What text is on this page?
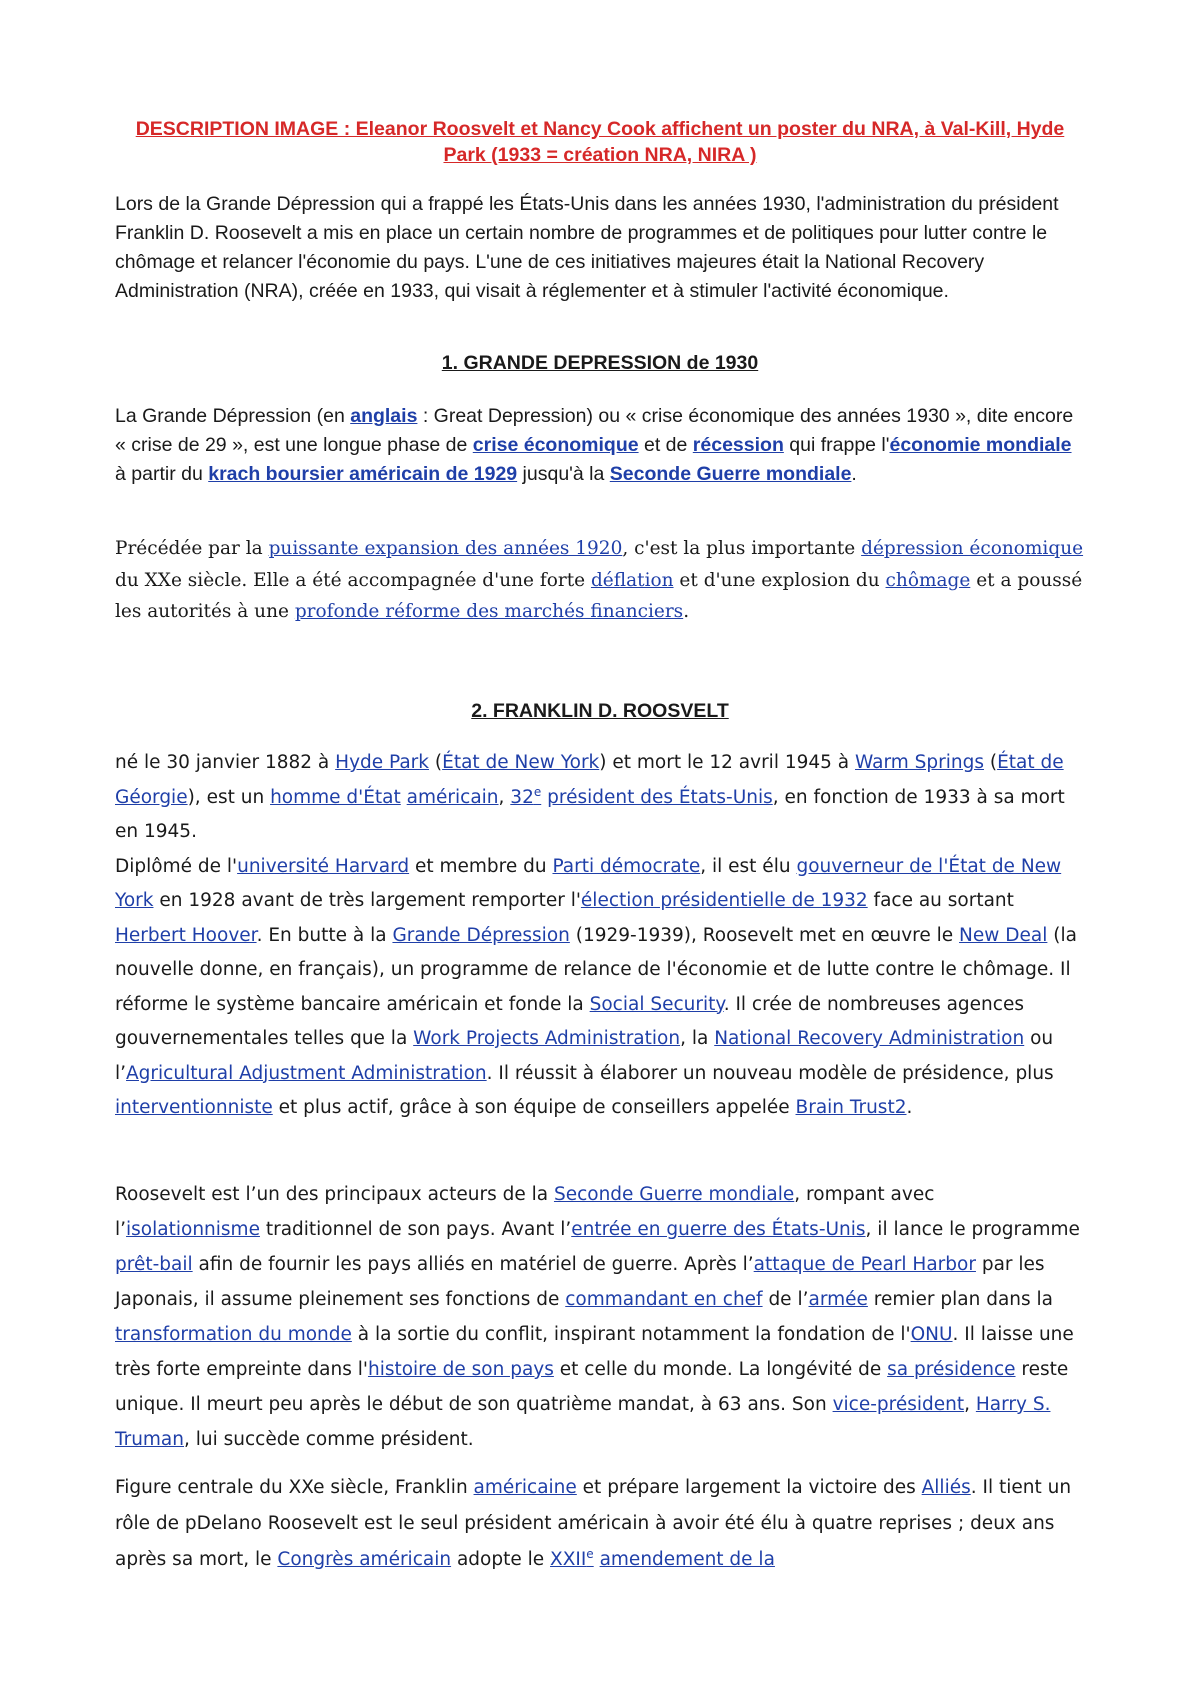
DESCRIPTION IMAGE : Eleanor Roosvelt et Nancy Cook affichent un poster du NRA, à Val-Kill, Hyde Park (1933 = création NRA, NIRA )

Lors de la Grande Dépression qui a frappé les États-Unis dans les années 1930, l'administration du président Franklin D. Roosevelt a mis en place un certain nombre de programmes et de politiques pour lutter contre le chômage et relancer l'économie du pays. L'une de ces initiatives majeures était la National Recovery Administration (NRA), créée en 1933, qui visait à réglementer et à stimuler l'activité économique.

1. GRANDE DEPRESSION de 1930

La Grande Dépression (en anglais : Great Depression) ou « crise économique des années 1930 », dite encore « crise de 29 », est une longue phase de crise économique et de récession qui frappe l'économie mondiale à partir du krach boursier américain de 1929 jusqu'à la Seconde Guerre mondiale.

Précédée par la puissante expansion des années 1920, c'est la plus importante dépression économique du XXe siècle. Elle a été accompagnée d'une forte déflation et d'une explosion du chômage et a poussé les autorités à une profonde réforme des marchés financiers.

2. FRANKLIN D. ROOSVELT

né le 30 janvier 1882 à Hyde Park (État de New York) et mort le 12 avril 1945 à Warm Springs (État de Géorgie), est un homme d'État américain, 32e président des États-Unis, en fonction de 1933 à sa mort en 1945.
Diplômé de l'université Harvard et membre du Parti démocrate, il est élu gouverneur de l'État de New York en 1928 avant de très largement remporter l'élection présidentielle de 1932 face au sortant Herbert Hoover. En butte à la Grande Dépression (1929-1939), Roosevelt met en œuvre le New Deal (la nouvelle donne, en français), un programme de relance de l'économie et de lutte contre le chômage. Il réforme le système bancaire américain et fonde la Social Security. Il crée de nombreuses agences gouvernementales telles que la Work Projects Administration, la National Recovery Administration ou l’Agricultural Adjustment Administration. Il réussit à élaborer un nouveau modèle de présidence, plus interventionniste et plus actif, grâce à son équipe de conseillers appelée Brain Trust2.

Roosevelt est l’un des principaux acteurs de la Seconde Guerre mondiale, rompant avec l’isolationnisme traditionnel de son pays. Avant l’entrée en guerre des États-Unis, il lance le programme prêt-bail afin de fournir les pays alliés en matériel de guerre. Après l’attaque de Pearl Harbor par les Japonais, il assume pleinement ses fonctions de commandant en chef de l’armée remier plan dans la transformation du monde à la sortie du conflit, inspirant notamment la fondation de l'ONU. Il laisse une très forte empreinte dans l'histoire de son pays et celle du monde. La longévité de sa présidence reste unique. Il meurt peu après le début de son quatrième mandat, à 63 ans. Son vice-président, Harry S. Truman, lui succède comme président.

Figure centrale du XXe siècle, Franklin américaine et prépare largement la victoire des Alliés. Il tient un rôle de pDelano Roosevelt est le seul président américain à avoir été élu à quatre reprises ; deux ans après sa mort, le Congrès américain adopte le XXIIe amendement de la
